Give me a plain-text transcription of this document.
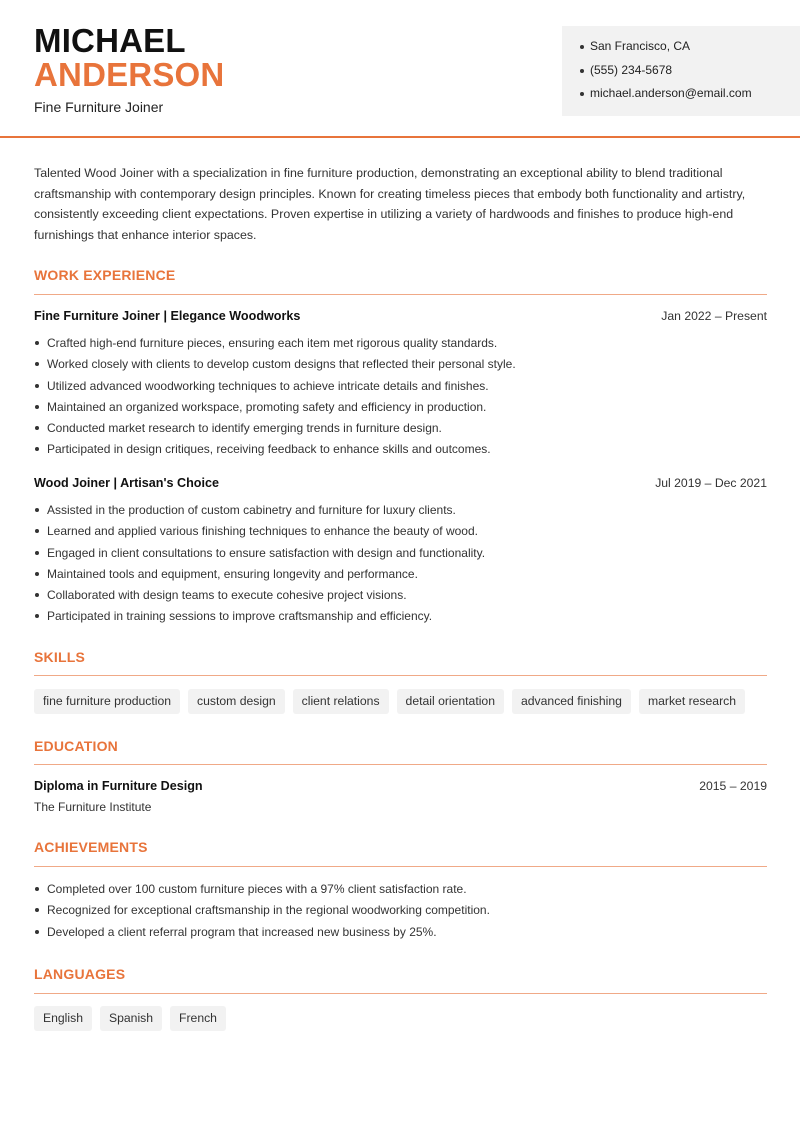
MICHAEL
ANDERSON
Fine Furniture Joiner
San Francisco, CA
(555) 234-5678
michael.anderson@email.com

Talented Wood Joiner with a specialization in fine furniture production, demonstrating an exceptional ability to blend traditional craftsmanship with contemporary design principles. Known for creating timeless pieces that embody both functionality and artistry, consistently exceeding client expectations. Proven expertise in utilizing a variety of hardwoods and finishes to produce high-end furnishings that enhance interior spaces.

WORK EXPERIENCE
Fine Furniture Joiner | Elegance Woodworks	Jan 2022 – Present
Crafted high-end furniture pieces, ensuring each item met rigorous quality standards.
Worked closely with clients to develop custom designs that reflected their personal style.
Utilized advanced woodworking techniques to achieve intricate details and finishes.
Maintained an organized workspace, promoting safety and efficiency in production.
Conducted market research to identify emerging trends in furniture design.
Participated in design critiques, receiving feedback to enhance skills and outcomes.
Wood Joiner | Artisan's Choice	Jul 2019 – Dec 2021
Assisted in the production of custom cabinetry and furniture for luxury clients.
Learned and applied various finishing techniques to enhance the beauty of wood.
Engaged in client consultations to ensure satisfaction with design and functionality.
Maintained tools and equipment, ensuring longevity and performance.
Collaborated with design teams to execute cohesive project visions.
Participated in training sessions to improve craftsmanship and efficiency.
SKILLS
fine furniture production	custom design	client relations	detail orientation	advanced finishing	market research
EDUCATION
Diploma in Furniture Design	2015 – 2019
The Furniture Institute
ACHIEVEMENTS
Completed over 100 custom furniture pieces with a 97% client satisfaction rate.
Recognized for exceptional craftsmanship in the regional woodworking competition.
Developed a client referral program that increased new business by 25%.
LANGUAGES
English	Spanish	French
